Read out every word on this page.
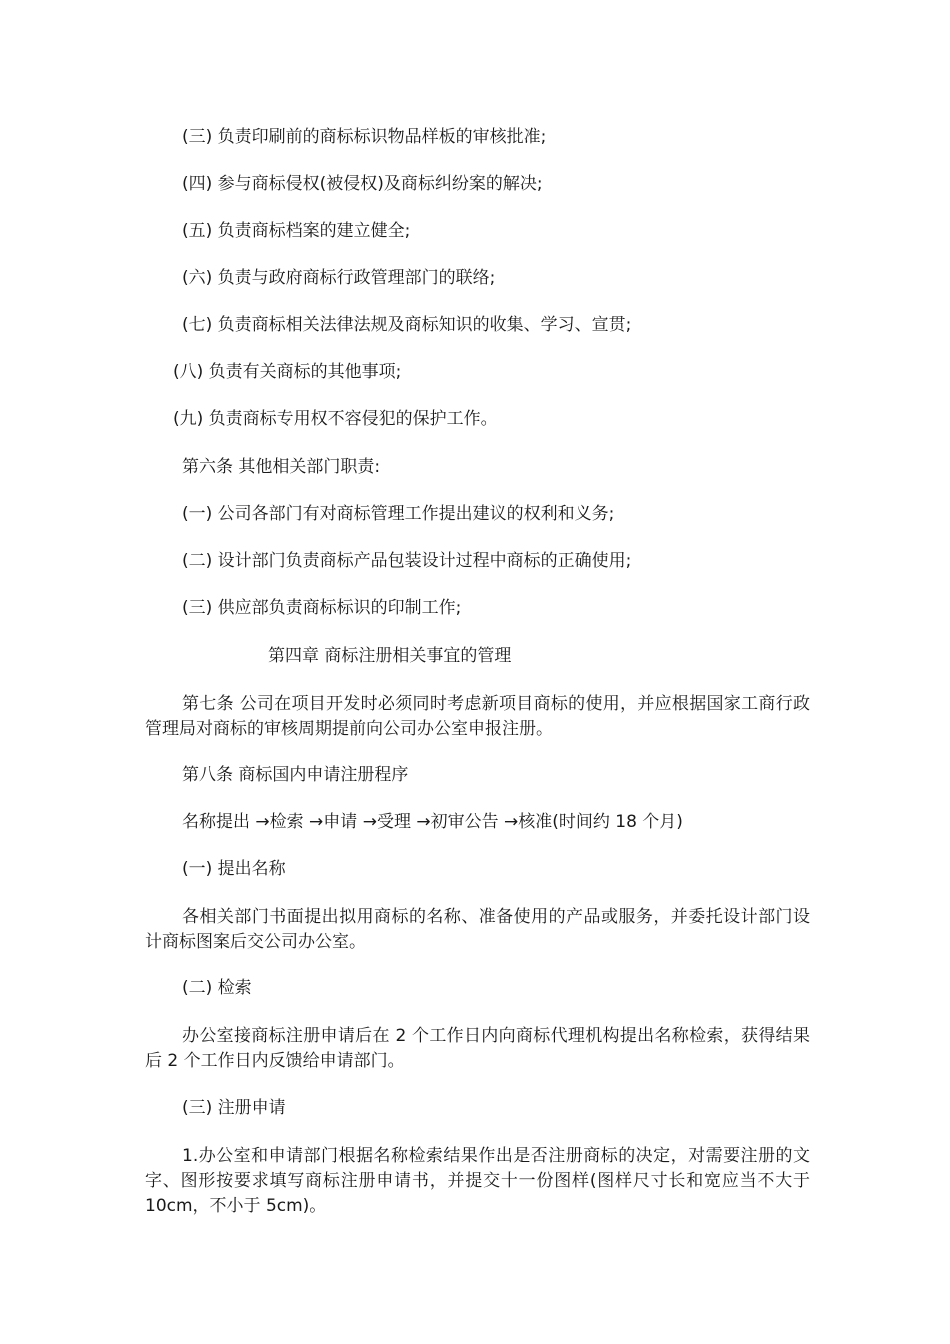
(三) 负责印刷前的商标标识物品样板的审核批准;

(四) 参与商标侵权(被侵权)及商标纠纷案的解决;

(五) 负责商标档案的建立健全;

(六) 负责与政府商标行政管理部门的联络;

(七) 负责商标相关法律法规及商标知识的收集、学习、宣贯;

(八) 负责有关商标的其他事项;

(九) 负责商标专用权不容侵犯的保护工作。

第六条 其他相关部门职责:

(一) 公司各部门有对商标管理工作提出建议的权利和义务;

(二) 设计部门负责商标产品包装设计过程中商标的正确使用;

(三) 供应部负责商标标识的印制工作;

第四章 商标注册相关事宜的管理

第七条 公司在项目开发时必须同时考虑新项目商标的使用，并应根据国家工商行政管理局对商标的审核周期提前向公司办公室申报注册。

第八条 商标国内申请注册程序

名称提出 →检索 →申请 →受理 →初审公告 →核准(时间约 18 个月)

(一) 提出名称

各相关部门书面提出拟用商标的名称、准备使用的产品或服务，并委托设计部门设计商标图案后交公司办公室。

(二) 检索

办公室接商标注册申请后在 2 个工作日内向商标代理机构提出名称检索，获得结果后 2 个工作日内反馈给申请部门。

(三) 注册申请

1.办公室和申请部门根据名称检索结果作出是否注册商标的决定，对需要注册的文字、图形按要求填写商标注册申请书，并提交十一份图样(图样尺寸长和宽应当不大于 10cm，不小于 5cm)。
